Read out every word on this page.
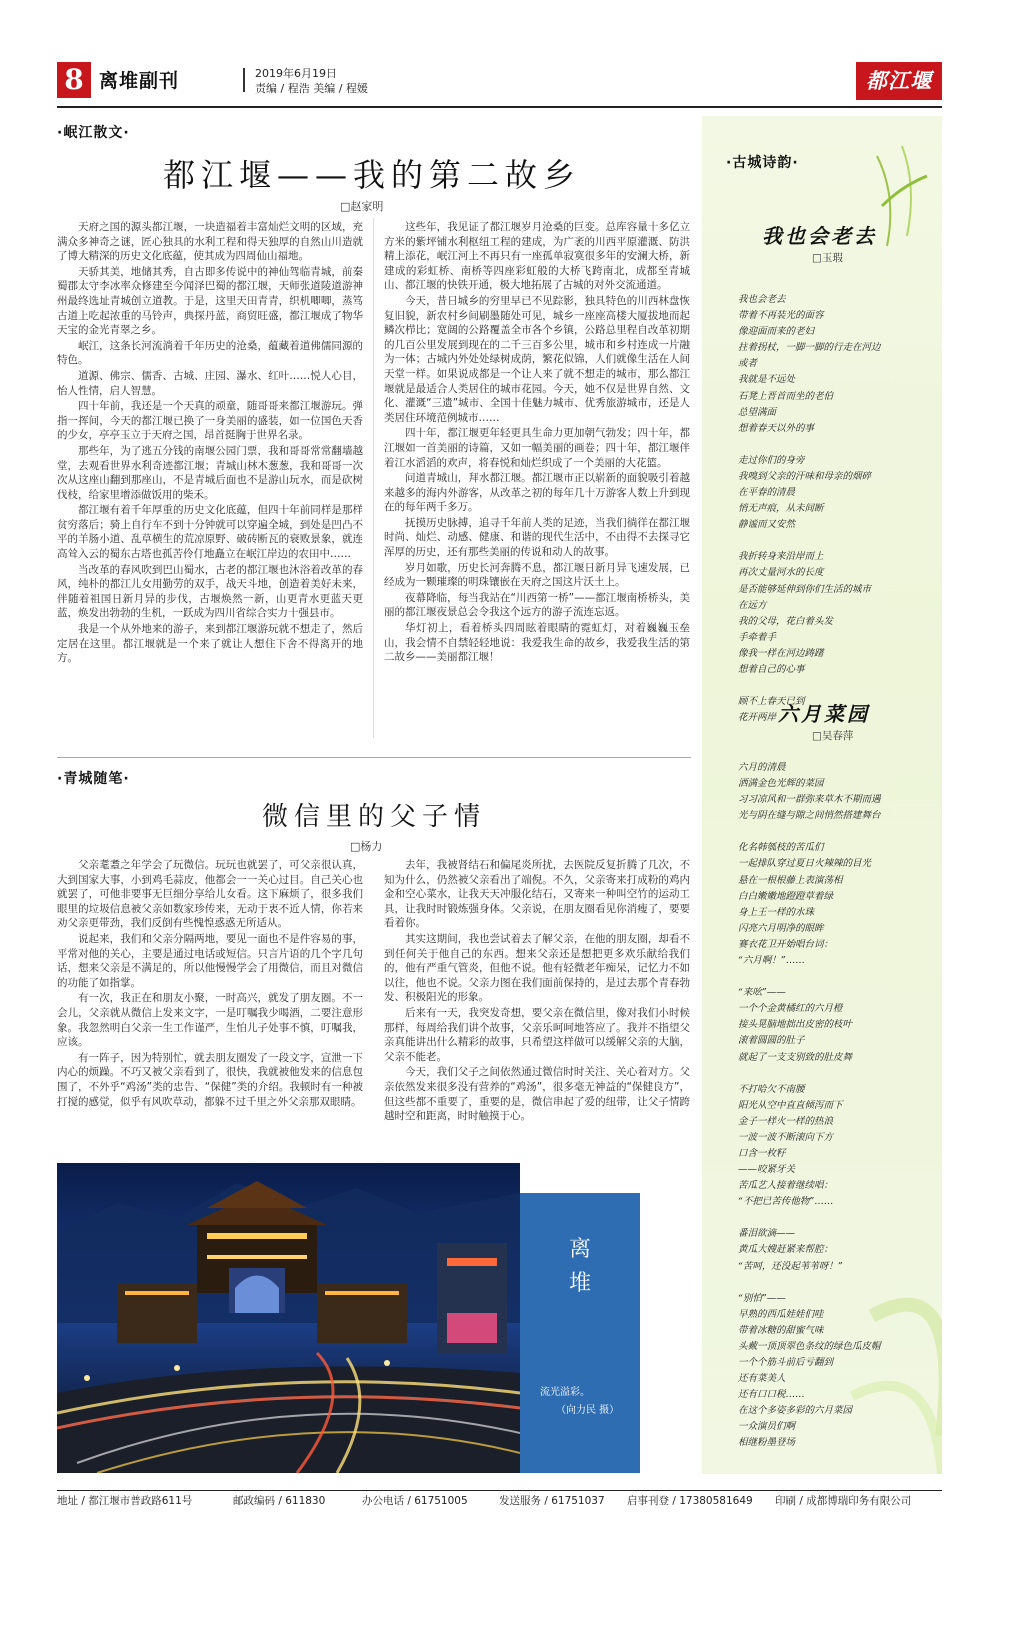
8 离堆副刊	2019年6月19日
责编 / 程浩 美编 / 程媛	都江堰
·岷江散文·
都江堰——我的第二故乡
□赵家明

天府之国的源头都江堰，一块造福着丰富灿烂文明的区域，充满众多神奇之谜，匠心独具的水利工程和得天独厚的自然山川造就了博大精深的历史文化底蕴，使其成为四周仙山福地。

天骄其美，地储其秀，自古即多传说中的神仙驾临青城，前秦蜀郡太守李冰率众修建至今闻泽巴蜀的都江堰，天师张道陵道游神州最终选址青城创立道教。于是，这里天田青青，织机唧唧，蒸笃古道上吃起浓重的马铃声，典探丹蓝，商贸旺盛，都江堰成了物华天宝的金光青翠之乡。

岷江，这条长河流淌着千年历史的沧桑，蕴藏着道佛儒同源的特色。

道源、佛宗、儒香、古城、庄园、瀑水、红叶……悦人心目，怡人性情，启人智慧。

四十年前，我还是一个天真的顽童，随哥哥来都江堰游玩。弹指一挥间，今天的都江堰已换了一身美丽的盛装，如一位国色天香的少女，亭亭玉立于天府之国，昂首挺胸于世界名录。

那些年，为了逃五分钱的南堰公园门票，我和哥哥常常翻墙越堂，去观看世界水利奇迹都江堰；青城山林木葱葱，我和哥哥一次次从这座山翻到那座山，不是青城后面也不是游山玩水，而是砍树伐枝，给家里增添做饭用的柴禾。

都江堰有着千年厚重的历史文化底蕴，但四十年前同样是那样贫穷落后；骑上自行车不到十分钟就可以穿遍全城，到处是凹凸不平的羊肠小道、乱草横生的荒凉原野、破砖断瓦的衰败景象，就连高耸入云的蜀东古塔也孤苦伶仃地矗立在岷江岸边的农田中……

当改革的春风吹到巴山蜀水，古老的都江堰也沐浴着改革的春风，纯朴的都江儿女用勤劳的双手，战天斗地，创造着美好未来，伴随着祖国日新月异的步伐，古堰焕然一新，山更青水更蓝天更蓝，焕发出勃勃的生机，一跃成为四川省综合实力十强县市。

我是一个从外地来的游子，来到都江堰游玩就不想走了，然后定居在这里。都江堰就是一个来了就让人想住下舍不得离开的地方。

这些年，我见证了都江堰岁月沧桑的巨变。总库容量十多亿立方米的紫坪铺水利枢纽工程的建成，为广袤的川西平原灌溉、防洪精上添花，岷江河上不再只有一座孤单寂寞很多年的安澜大桥，新建成的彩虹桥、南桥等四座彩虹般的大桥飞跨南北，成都至青城山、都江堰的快铁开通，极大地拓展了古城的对外交流通道。

今天，昔日城乡的穷里早已不见踪影，独具特色的川西林盘恢复旧貌，新农村乡间刷墨随处可见，城乡一座座高楼大厦拔地而起鳞次栉比；宽阔的公路覆盖全市各个乡镇，公路总里程自改革初期的几百公里发展到现在的二千三百多公里，城市和乡村连成一片融为一体；古城内外处处绿树成荫，繁花似锦，人们就像生活在人间天堂一样。如果说成都是一个让人来了就不想走的城市，那么都江堰就是最适合人类居住的城市花园。今天，她不仅是世界自然、文化、灌溉“三遗”城市、全国十佳魅力城市、优秀旅游城市，还是人类居住环境范例城市……

四十年，都江堰更年轻更具生命力更加朝气勃发；四十年，都江堰如一首美丽的诗篇，又如一幅美丽的画卷；四十年，都江堰伴着江水滔滔的欢声，将春悦和灿烂织成了一个美丽的大花篮。

问道青城山，拜水都江堰。都江堰市正以崭新的面貌吸引着越来越多的海内外游客，从改革之初的每年几十万游客人数上升到现在的每年两千多万。

抚摸历史脉搏，追寻千年前人类的足迹，当我们徜徉在都江堰时尚、灿烂、动感、健康、和谐的现代生活中，不由得不去探寻它浑厚的历史，还有那些美丽的传说和动人的故事。

岁月如歌，历史长河奔腾不息，都江堰日新月异飞速发展，已经成为一颗璀璨的明珠镶嵌在天府之国这片沃土上。

夜幕降临，每当我站在“川西第一桥”——都江堰南桥桥头，美丽的都江堰夜景总会令我这个远方的游子流连忘返。

华灯初上，看着桥头四周眩着眼睛的霓虹灯，对着巍巍玉垒山，我会情不自禁轻轻地说：我爱我生命的故乡，我爱我生活的第二故乡——美丽都江堰！

·青城随笔·
微信里的父子情
□杨力

父亲耄耋之年学会了玩微信。玩玩也就罢了，可父亲很认真，大到国家大事，小到鸡毛蒜皮，他都会一一关心过目。自己关心也就罢了，可他非要事无巨细分享给儿女看。这下麻烦了，很多我们眼里的垃圾信息被父亲如数家珍传来，无动于衷不近人情，你若来劝父亲更带劲，我们反倒有些愧惶惑惑无所适从。

说起来，我们和父亲分隔两地，要见一面也不是件容易的事，平常对他的关心，主要是通过电话或短信。只言片语的几个字几句话，想来父亲是不满足的，所以他慢慢学会了用微信，而且对微信的功能了如指掌。

有一次，我正在和朋友小聚，一时高兴，就发了朋友圈。不一会儿，父亲就从微信上发来文字，一是叮嘱我少喝酒，二要注意形象。我忽然明白父亲一生工作谨严，生怕儿子处事不慎，叮嘱我，应该。

有一阵子，因为特别忙，就去朋友圈发了一段文字，宣泄一下内心的烦躁。不巧又被父亲看到了，很快，我就被他发来的信息包围了，不外乎“鸡汤”类的忠告、“保健”类的介绍。我顿时有一种被打搅的感觉，似乎有风吹草动，都躲不过千里之外父亲那双眼睛。

去年，我被肾结石和偏尾炎所扰，去医院反复折腾了几次，不知为什么，仍然被父亲看出了端倪。不久，父亲寄来打成粉的鸡内金和空心菜水，让我天天冲服化结石，又寄来一种叫空竹的运动工具，让我时时锻炼强身体。父亲说，在朋友圈看见你消瘦了，要要看着你。

其实这期间，我也尝试着去了解父亲，在他的朋友圈，却看不到任何关于他自己的东西。想来父亲还是想把更多欢乐献给我们的，他有严重气管炎，但他不说。他有轻微老年痴呆，记忆力不如以往，他也不说。父亲力图在我们面前保持的，是过去那个青春勃发、积极阳光的形象。

后来有一天，我突发奇想，要父亲在微信里，像对我们小时候那样，每周给我们讲个故事，父亲乐呵呵地答应了。我并不指望父亲真能讲出什么精彩的故事，只希望这样做可以缓解父亲的大脑，父亲不能老。

今天，我们父子之间依然通过微信时时关注、关心着对方。父亲依然发来很多没有营养的“鸡汤”，很多毫无神益的“保健良方”，但这些都不重要了，重要的是，微信串起了爱的纽带，让父子情跨越时空和距离，时时触摸于心。

离
堆
流光溢彩。
（向力民 摄）
·古城诗韵·
我也会老去
□玉瑕
我也会老去
带着不再装光的面容
像迎面而来的老妇
拄着拐杖，一脚一脚的行走在河边
或者
我就是不远处
石凳上晋首而坐的老伯
总望满面
想着春天以外的事
走过你们的身旁
我嗅到父亲的汗味和母亲的烟碎
在平春的清晨
悄无声痕，从未间断
静谧而又安然
我折转身来沿岸而上
再次丈量河水的长度
是否能够延伸到你们生活的城市
在远方
我的父母，花白着头发
手牵着手
像我一样在河边踌躇
想着自己的心事
顾不上春天已到
花开两岸 六月菜园
□吴春萍
六月的清晨
洒满金色光辉的菜园
习习凉风和一群弥来草木不期而遇
光与阴在缝与隙之间悄然搭建舞台
化名韩瓠枝的苦瓜们
一起排队穿过夏日火辣辣的目光
悬在一根根藤上表演荡相
白白嫩嫩地蹬蹬草着绿
身上王一样的水珠
闪亮六月明净的眼眸
赛衣花卫开始唱台词：
“六月啊！”……
“来吆”——
一个个金黄橘红的六月橙
接头晃脑地拙出皮密的枝叶
滚着圆圆的肚子
就起了一支支别致的肚皮舞
不打哈欠不南腰
阳光从空中直直倾泻而下
金子一样火一样的热浪
一波一波不断滚向下方
口含一枚籽
——咬紧牙关
苦瓜艺人接着继续唱：
“不把已苦传他物”……
番泪欲滴——
黄瓜大嫂赶紧来帮腔：
“苦呵，还没起苇苇呀！”
“别怕”——
早熟的西瓜娃娃们哇
带着冰糖的甜蜜气味
头戴一顶顶翠色条纹的绿色瓜皮帽
一个个筋斗前后亏翻到
还有菜美人
还有口口税……
在这个多姿多彩的六月菜园
一众演员们啊
相继粉墨登场
地址 / 都江堰市普政路611号	邮政编码 / 611830	办公电话 / 61751005	发送服务 / 61751037 启事刊登 / 17380581649 印刷 / 成都博瑞印务有限公司
